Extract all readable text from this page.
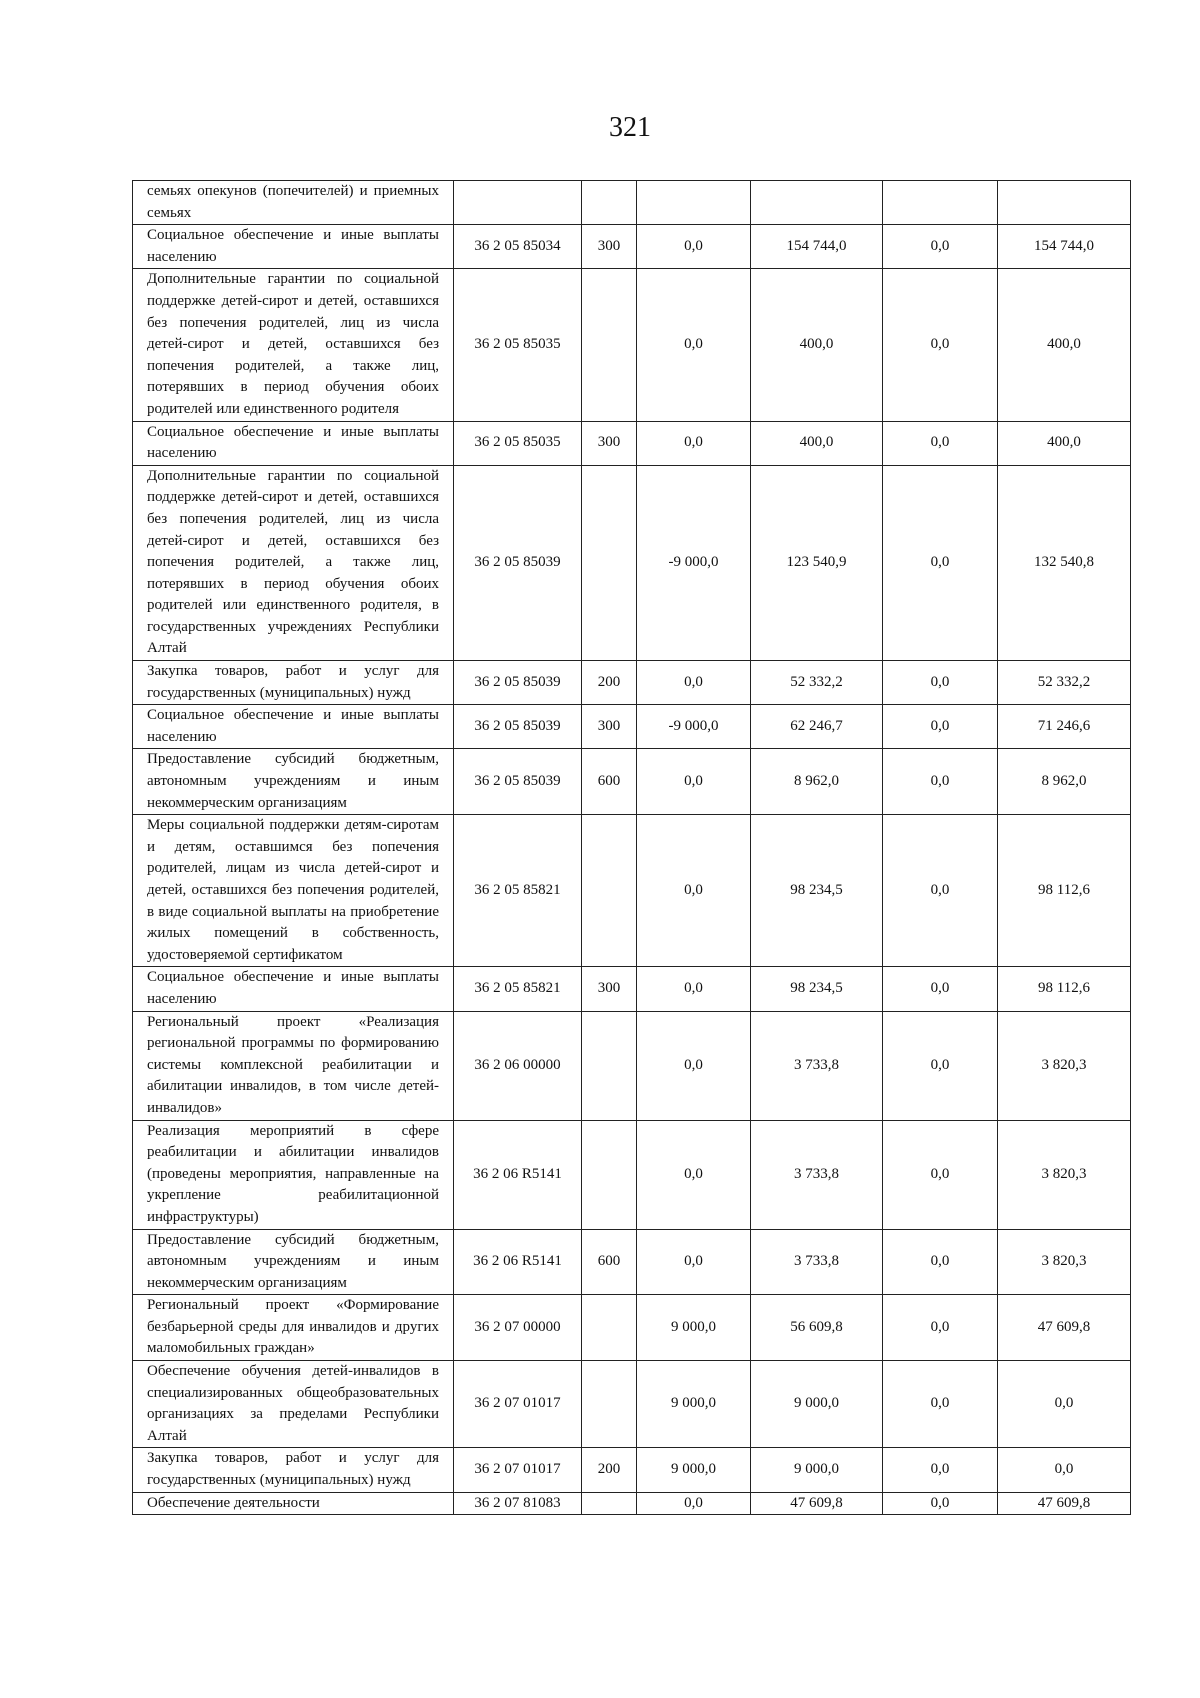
321
семьях опекунов (попечителей) и приемных семьях						
Социальное обеспечение и иные выплаты населению	36 2 05 85034	300	0,0	154 744,0	0,0	154 744,0
Дополнительные гарантии по социальной поддержке детей-сирот и детей, оставшихся без попечения родителей, лиц из числа детей-сирот и детей, оставшихся без попечения родителей, а также лиц, потерявших в период обучения обоих родителей или единственного родителя	36 2 05 85035		0,0	400,0	0,0	400,0
Социальное обеспечение и иные выплаты населению	36 2 05 85035	300	0,0	400,0	0,0	400,0
Дополнительные гарантии по социальной поддержке детей-сирот и детей, оставшихся без попечения родителей, лиц из числа детей-сирот и детей, оставшихся без попечения родителей, а также лиц, потерявших в период обучения обоих родителей или единственного родителя, в государственных учреждениях Республики Алтай	36 2 05 85039		-9 000,0	123 540,9	0,0	132 540,8
Закупка товаров, работ и услуг для государственных (муниципальных) нужд	36 2 05 85039	200	0,0	52 332,2	0,0	52 332,2
Социальное обеспечение и иные выплаты населению	36 2 05 85039	300	-9 000,0	62 246,7	0,0	71 246,6
Предоставление субсидий бюджетным, автономным учреждениям и иным некоммерческим организациям	36 2 05 85039	600	0,0	8 962,0	0,0	8 962,0
Меры социальной поддержки детям-сиротам и детям, оставшимся без попечения родителей, лицам из числа детей-сирот и детей, оставшихся без попечения родителей, в виде социальной выплаты на приобретение жилых помещений в собственность, удостоверяемой сертификатом	36 2 05 85821		0,0	98 234,5	0,0	98 112,6
Социальное обеспечение и иные выплаты населению	36 2 05 85821	300	0,0	98 234,5	0,0	98 112,6
Региональный проект «Реализация региональной программы по формированию системы комплексной реабилитации и абилитации инвалидов, в том числе детей-инвалидов»	36 2 06 00000		0,0	3 733,8	0,0	3 820,3
Реализация мероприятий в сфере реабилитации и абилитации инвалидов (проведены мероприятия, направленные на укрепление реабилитационной инфраструктуры)	36 2 06 R5141		0,0	3 733,8	0,0	3 820,3
Предоставление субсидий бюджетным, автономным учреждениям и иным некоммерческим организациям	36 2 06 R5141	600	0,0	3 733,8	0,0	3 820,3
Региональный проект «Формирование безбарьерной среды для инвалидов и других маломобильных граждан»	36 2 07 00000		9 000,0	56 609,8	0,0	47 609,8
Обеспечение обучения детей-инвалидов в специализированных общеобразовательных организациях за пределами Республики Алтай	36 2 07 01017		9 000,0	9 000,0	0,0	0,0
Закупка товаров, работ и услуг для государственных (муниципальных) нужд	36 2 07 01017	200	9 000,0	9 000,0	0,0	0,0
Обеспечение деятельности	36 2 07 81083		0,0	47 609,8	0,0	47 609,8
